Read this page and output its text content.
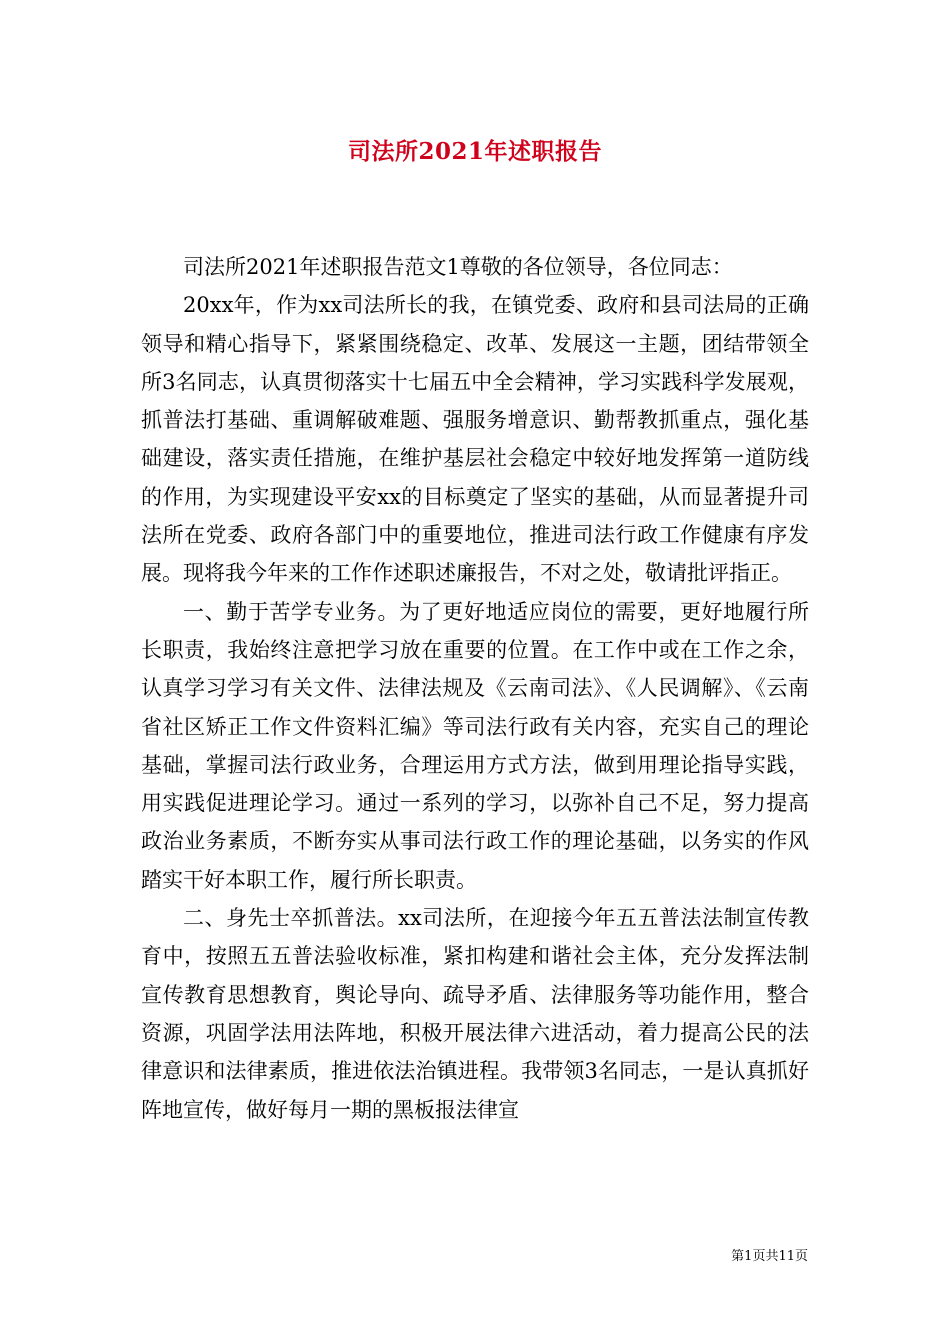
司法所2021年述职报告

司法所2021年述职报告范文1尊敬的各位领导，各位同志：

20xx年，作为xx司法所长的我，在镇党委、政府和县司法局的正确领导和精心指导下，紧紧围绕稳定、改革、发展这一主题，团结带领全所3名同志，认真贯彻落实十七届五中全会精神，学习实践科学发展观，抓普法打基础、重调解破难题、强服务增意识、勤帮教抓重点，强化基础建设，落实责任措施，在维护基层社会稳定中较好地发挥第一道防线的作用，为实现建设平安xx的目标奠定了坚实的基础，从而显著提升司法所在党委、政府各部门中的重要地位，推进司法行政工作健康有序发展。现将我今年来的工作作述职述廉报告，不对之处，敬请批评指正。

一、勤于苦学专业务。为了更好地适应岗位的需要，更好地履行所长职责，我始终注意把学习放在重要的位置。在工作中或在工作之余，认真学习学习有关文件、法律法规及《云南司法》、《人民调解》、《云南省社区矫正工作文件资料汇编》等司法行政有关内容，充实自己的理论基础，掌握司法行政业务，合理运用方式方法，做到用理论指导实践，用实践促进理论学习。通过一系列的学习，以弥补自己不足，努力提高政治业务素质，不断夯实从事司法行政工作的理论基础，以务实的作风踏实干好本职工作，履行所长职责。

二、身先士卒抓普法。xx司法所，在迎接今年五五普法法制宣传教育中，按照五五普法验收标准，紧扣构建和谐社会主体，充分发挥法制宣传教育思想教育，舆论导向、疏导矛盾、法律服务等功能作用，整合资源，巩固学法用法阵地，积极开展法律六进活动，着力提高公民的法律意识和法律素质，推进依法治镇进程。我带领3名同志，一是认真抓好阵地宣传，做好每月一期的黑板报法律宣

第1页共11页
